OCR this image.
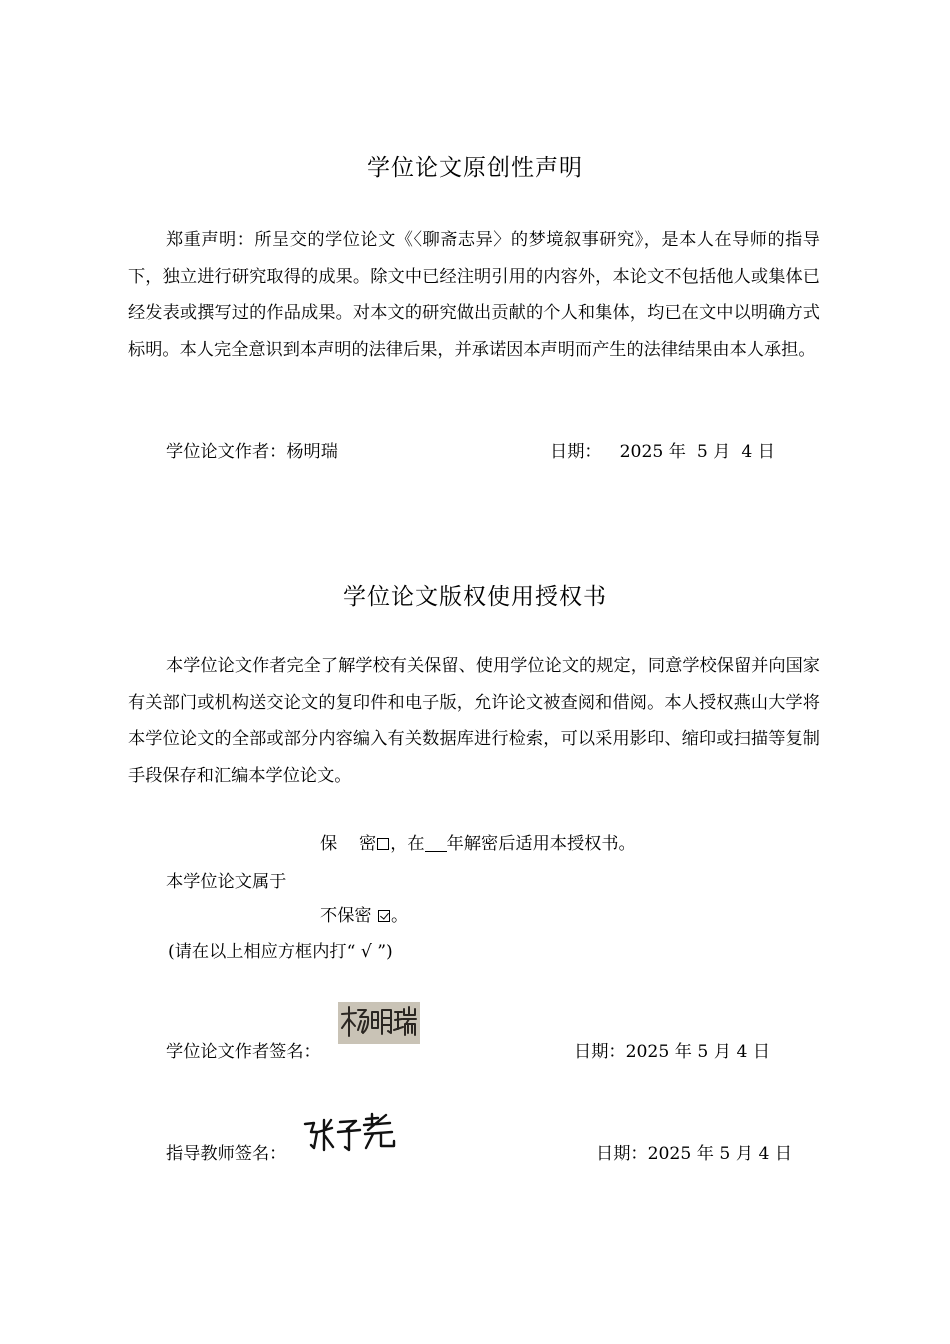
学位论文原创性声明
郑重声明：所呈交的学位论文《〈聊斋志异〉的梦境叙事研究》，是本人在导师的指导下，独立进行研究取得的成果。除文中已经注明引用的内容外，本论文不包括他人或集体已经发表或撰写过的作品成果。对本文的研究做出贡献的个人和集体，均已在文中以明确方式标明。本人完全意识到本声明的法律后果，并承诺因本声明而产生的法律结果由本人承担。
学位论文作者：杨明瑞	日期： 2025 年  5 月  4 日
学位论文版权使用授权书
本学位论文作者完全了解学校有关保留、使用学位论文的规定，同意学校保留并向国家有关部门或机构送交论文的复印件和电子版，允许论文被查阅和借阅。本人授权燕山大学将本学位论文的全部或部分内容编入有关数据库进行检索，可以采用影印、缩印或扫描等复制手段保存和汇编本学位论文。
保    密 ，在 年解密后适用本授权书。
本学位论文属于
不保密 。
(请在以上相应方框内打“ √ ”)
学位论文作者签名：	日期：2025 年 5 月 4 日
指导教师签名：	日期：2025 年 5 月 4 日
